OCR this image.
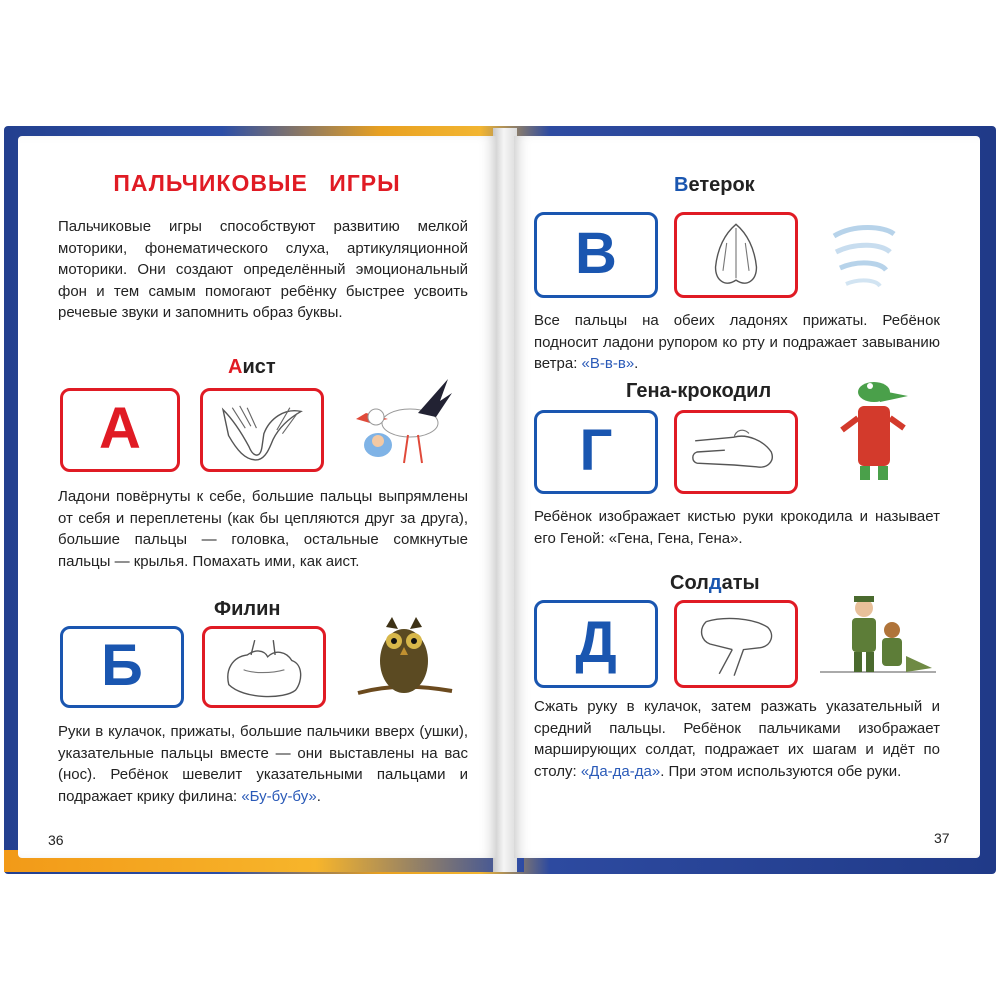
ПАЛЬЧИКОВЫЕ ИГРЫ

Пальчиковые игры способствуют развитию мелкой моторики, фонематического слуха, артикуляционной моторики. Они создают определённый эмоциональный фон и тем самым помогают ребёнку быстрее усвоить речевые звуки и запомнить образ буквы.

Аист
А

Ладони повёрнуты к себе, большие пальцы выпрямлены от себя и переплетены (как бы цепляются друг за друга), большие пальцы — головка, остальные сомкнутые пальцы — крылья. Помахать ими, как аист.

Филин
Б

Руки в кулачок, прижаты, большие пальчики вверх (ушки), указательные пальцы вместе — они выставлены на вас (нос). Ребёнок шевелит указательными пальцами и подражает крику филина: «Бу-бу-бу».

36
Ветерок
В

Все пальцы на обеих ладонях прижаты. Ребёнок подносит ладони рупором ко рту и подражает завыванию ветра: «В-в-в».

Гена-крокодил
Г

Ребёнок изображает кистью руки крокодила и называет его Геной: «Гена, Гена, Гена».

Солдаты
Д

Сжать руку в кулачок, затем разжать указательный и средний пальцы. Ребёнок пальчиками изображает марширующих солдат, подражает их шагам и идёт по столу: «Да-да-да». При этом используются обе руки.

37
